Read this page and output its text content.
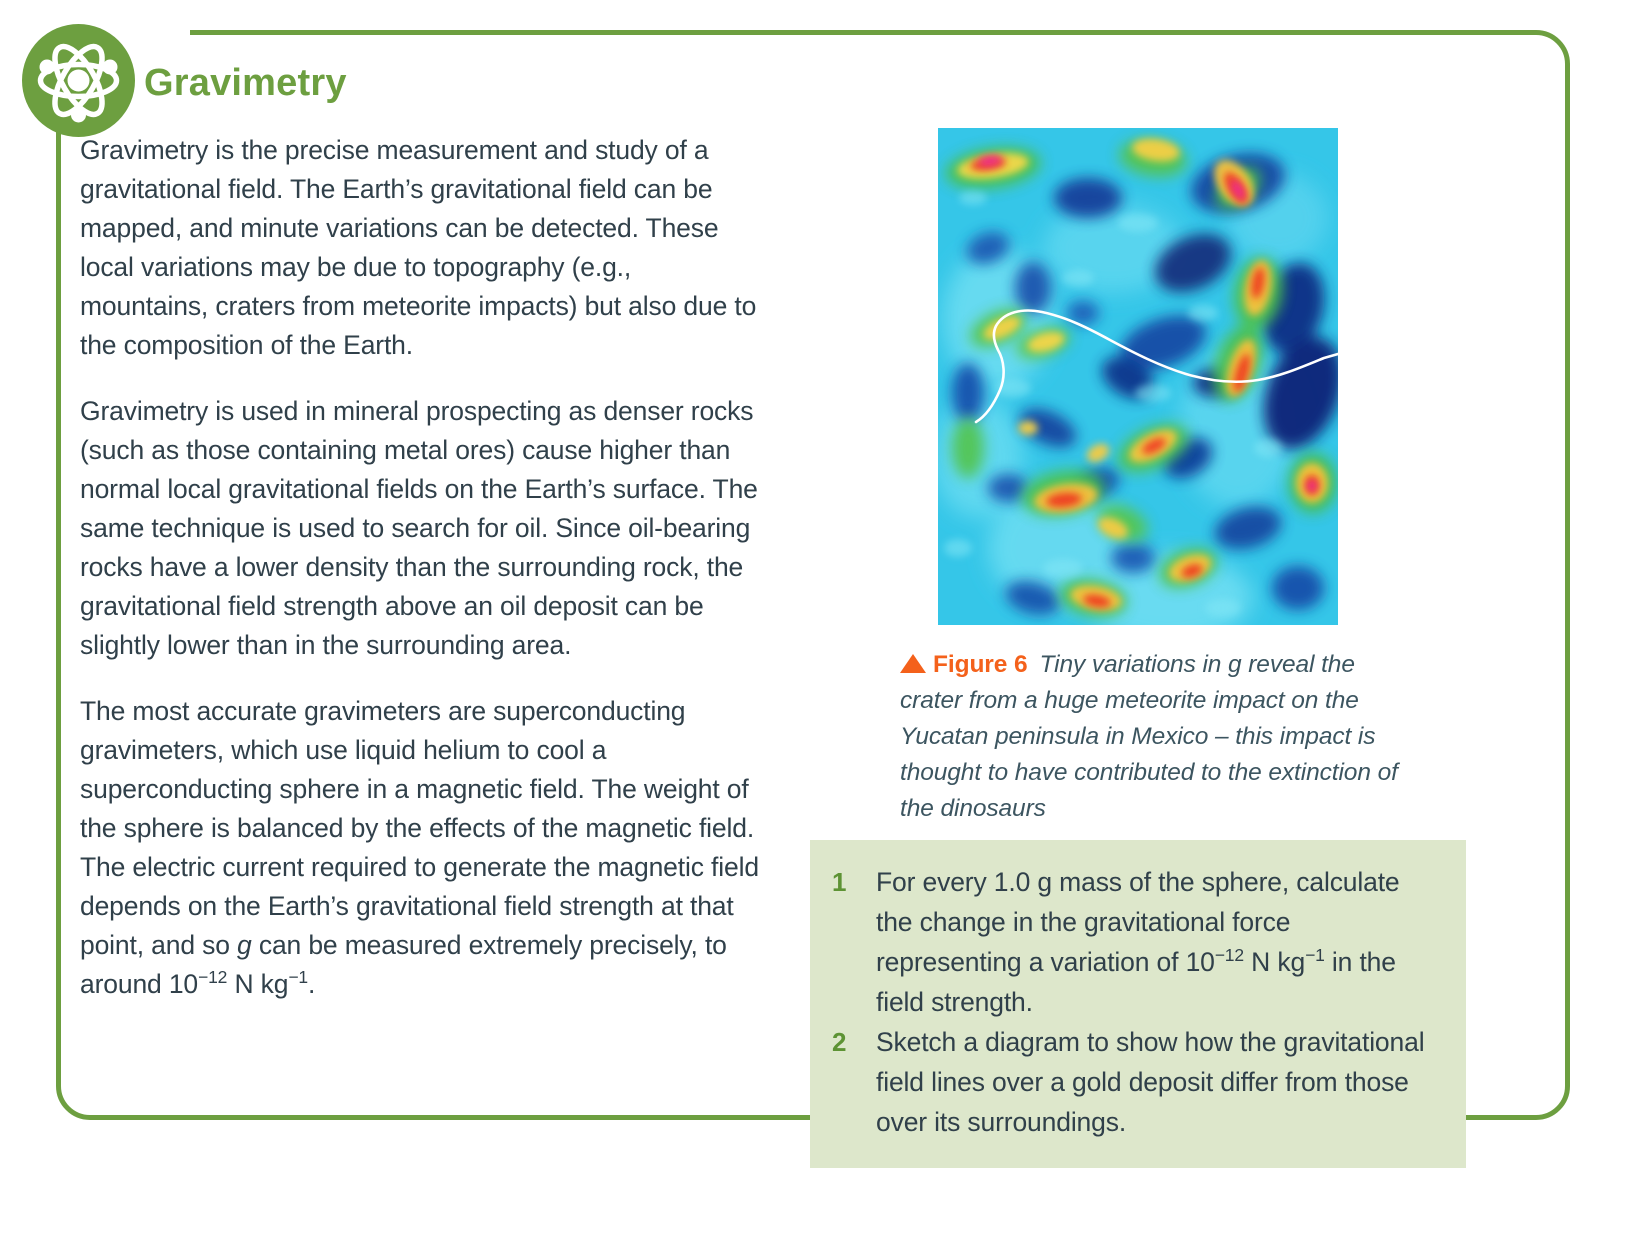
Gravimetry

Gravimetry is the precise measurement and study of a gravitational field. The Earth’s gravitational field can be mapped, and minute variations can be detected. These local variations may be due to topography (e.g., mountains, craters from meteorite impacts) but also due to the composition of the Earth.

Gravimetry is used in mineral prospecting as denser rocks (such as those containing metal ores) cause higher than normal local gravitational fields on the Earth’s surface. The same technique is used to search for oil. Since oil-bearing rocks have a lower density than the surrounding rock, the gravitational field strength above an oil deposit can be slightly lower than in the surrounding area.

The most accurate gravimeters are superconducting gravimeters, which use liquid helium to cool a superconducting sphere in a magnetic field. The weight of the sphere is balanced by the effects of the magnetic field. The electric current required to generate the magnetic field depends on the Earth’s gravitational field strength at that point, and so g can be measured extremely precisely, to around $10^{-12}$ N $kg^{-1}$.

Figure 6 Tiny variations in g reveal the crater from a huge meteorite impact on the Yucatan peninsula in Mexico – this impact is thought to have contributed to the extinction of the dinosaurs
1	For every 1.0 g mass of the sphere, calculate the change in the gravitational force representing a variation of $10^{-12}$ N $kg^{-1}$ in the field strength.
2	Sketch a diagram to show how the gravitational field lines over a gold deposit differ from those over its surroundings.
